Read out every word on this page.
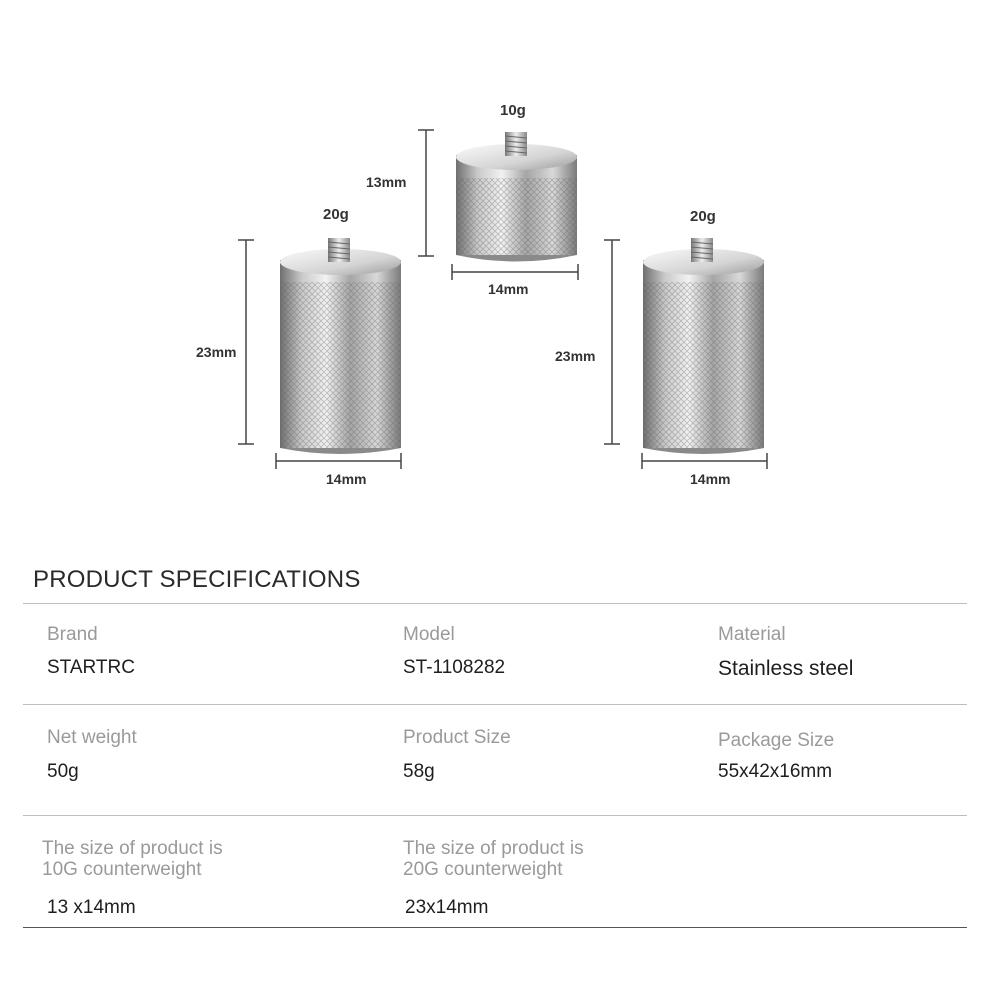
10g
13mm
14mm
20g
23mm
14mm
20g
23mm
14mm
PRODUCT SPECIFICATIONS
Brand
STARTRC
Model
ST-1108282
Material
Stainless steel
Net weight
50g
Product Size
58g
Package Size
55x42x16mm
The size of product is
10G counterweight
13 x14mm
The size of product is
20G counterweight
23x14mm
